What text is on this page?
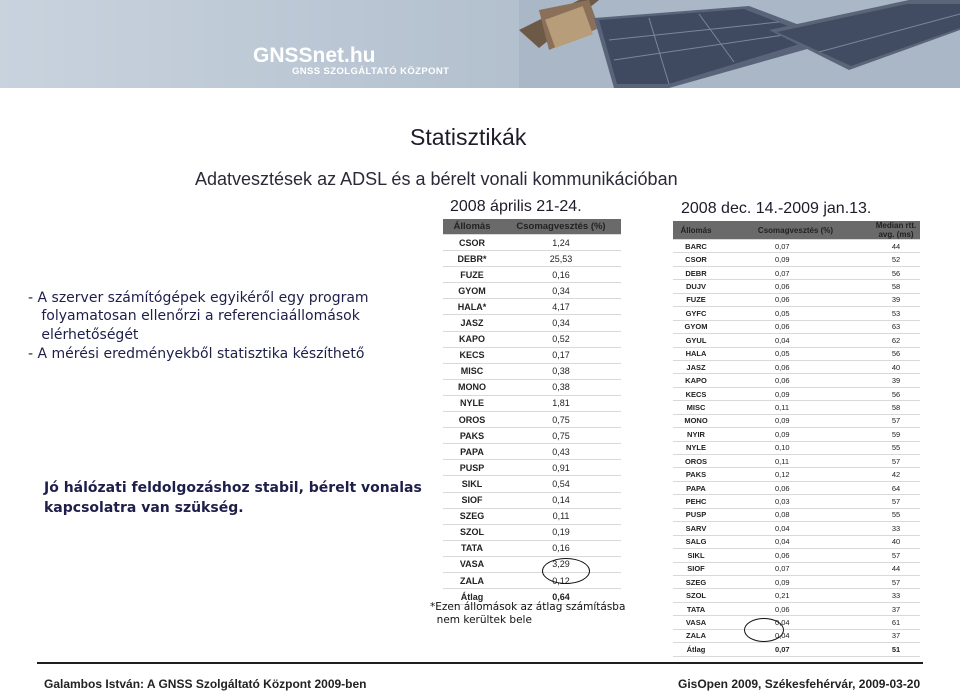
GNSSnet.hu
GNSS SZOLGÁLTATÓ KÖZPONT
Statisztikák
Adatvesztések az ADSL és a bérelt vonali kommunikációban
- A szerver számítógépek egyikéről egy program
folyamatosan ellenőrzi a referenciaállomások
elérhetőségét
- A mérési eredményekből statisztika készíthető
Jó hálózati feldolgozáshoz stabil, bérelt vonalas
kapcsolatra van szükség.
2008 április 21-24.	2008 dec. 14.-2009 jan.13.
Állomás	Csomagvesztés (%)
CSOR	1,24
DEBR*	25,53
FUZE	0,16
GYOM	0,34
HALA*	4,17
JASZ	0,34
KAPO	0,52
KECS	0,17
MISC	0,38
MONO	0,38
NYLE	1,81
OROS	0,75
PAKS	0,75
PAPA	0,43
PUSP	0,91
SIKL	0,54
SIOF	0,14
SZEG	0,11
SZOL	0,19
TATA	0,16
VASA	3,29
ZALA	0,12
Átlag	0,64
Állomás	Csomagvesztés (%)	Median rtt. avg. (ms)
BARC	0,07	44
CSOR	0,09	52
DEBR	0,07	56
DUJV	0,06	58
FUZE	0,06	39
GYFC	0,05	53
GYOM	0,06	63
GYUL	0,04	62
HALA	0,05	56
JASZ	0,06	40
KAPO	0,06	39
KECS	0,09	56
MISC	0,11	58
MONO	0,09	57
NYIR	0,09	59
NYLE	0,10	55
OROS	0,11	57
PAKS	0,12	42
PAPA	0,06	64
PEHC	0,03	57
PUSP	0,08	55
SARV	0,04	33
SALG	0,04	40
SIKL	0,06	57
SIOF	0,07	44
SZEG	0,09	57
SZOL	0,21	33
TATA	0,06	37
VASA	0,04	61
ZALA	0,04	37
Átlag	0,07	51
*Ezen állomások az átlag számításba
nem kerültek bele
Galambos István: A GNSS Szolgáltató Központ 2009-ben	GisOpen 2009, Székesfehérvár, 2009-03-20
